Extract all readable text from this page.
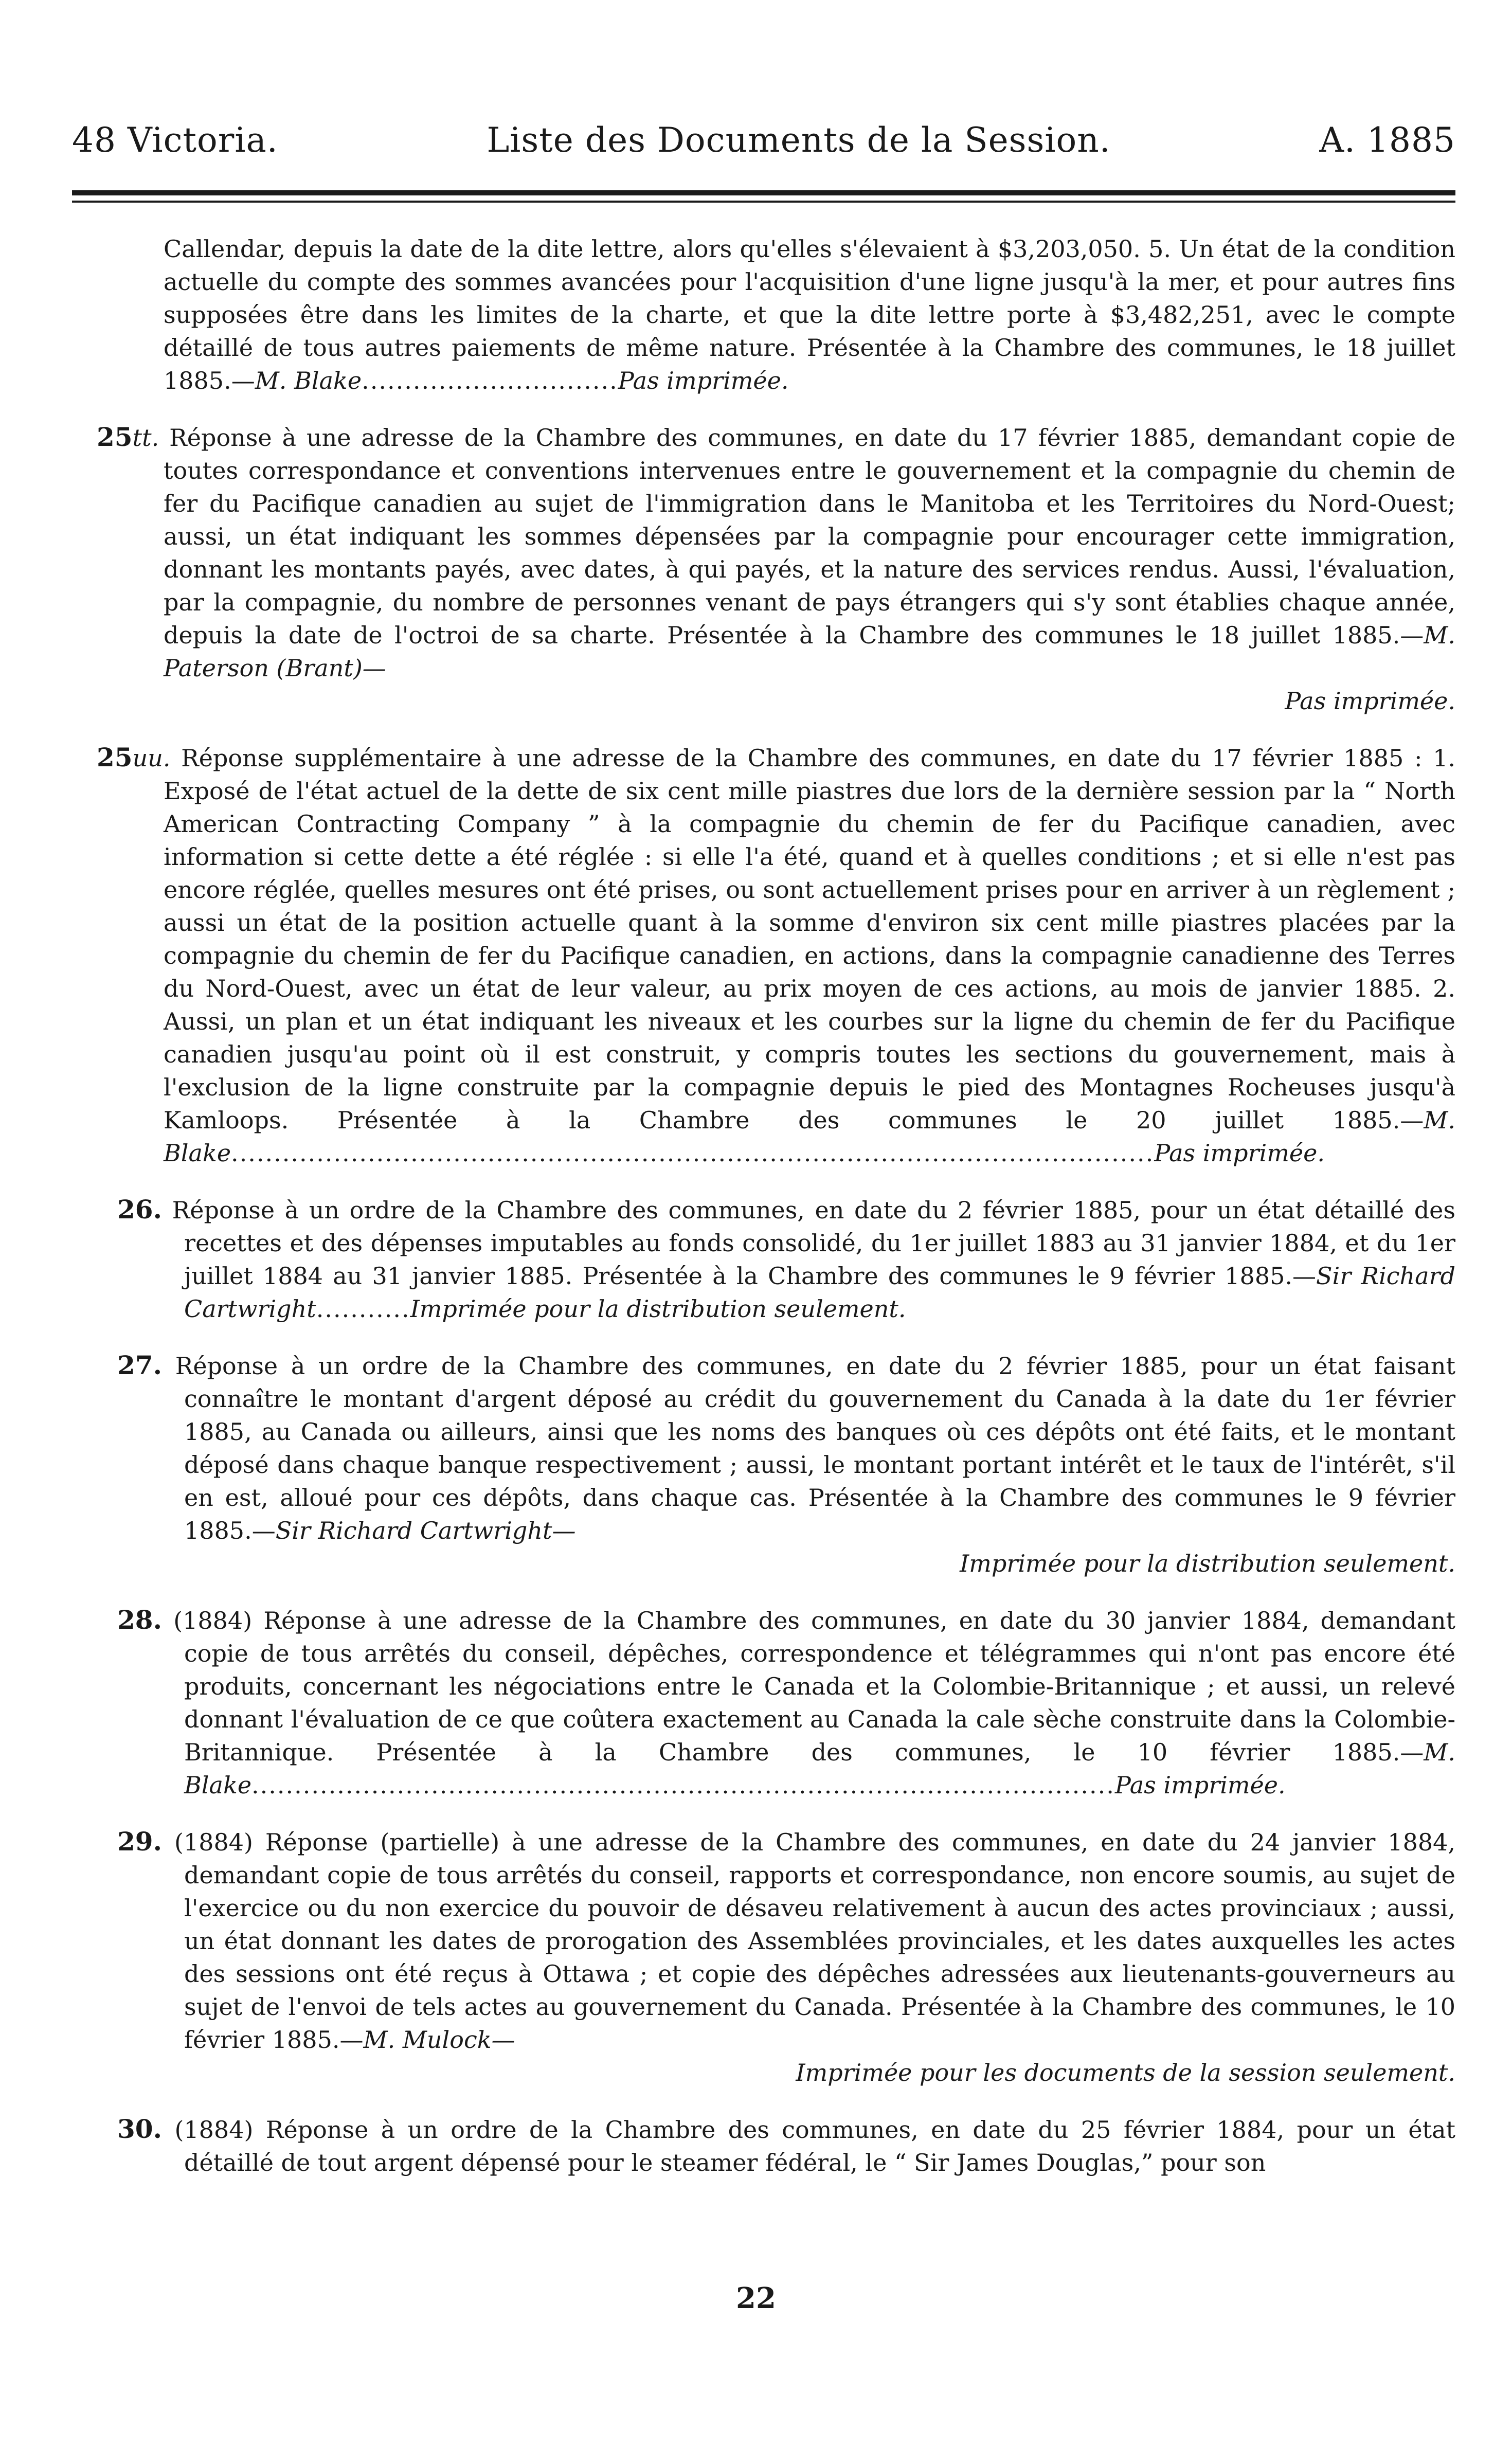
48 Victoria.	Liste des Documents de la Session.	A. 1885
Callendar, depuis la date de la dite lettre, alors qu'elles s'élevaient à $3,203,050. 5. Un état de la condition actuelle du compte des sommes avancées pour l'acquisition d'une ligne jusqu'à la mer, et pour autres fins supposées être dans les limites de la charte, et que la dite lettre porte à $3,482,251, avec le compte détaillé de tous autres paiements de même nature. Présentée à la Chambre des communes, le 18 juillet 1885.—M. Blake..............................Pas imprimée.
25tt. Réponse à une adresse de la Chambre des communes, en date du 17 février 1885, demandant copie de toutes correspondance et conventions intervenues entre le gouvernement et la compagnie du chemin de fer du Pacifique canadien au sujet de l'immigration dans le Manitoba et les Territoires du Nord-Ouest; aussi, un état indiquant les sommes dépensées par la compagnie pour encourager cette immigration, donnant les montants payés, avec dates, à qui payés, et la nature des services rendus. Aussi, l'évaluation, par la compagnie, du nombre de personnes venant de pays étrangers qui s'y sont établies chaque année, depuis la date de l'octroi de sa charte. Présentée à la Chambre des communes le 18 juillet 1885.—M. Paterson (Brant)—
Pas imprimée.
25uu. Réponse supplémentaire à une adresse de la Chambre des communes, en date du 17 février 1885 : 1. Exposé de l'état actuel de la dette de six cent mille piastres due lors de la dernière session par la “ North American Contracting Company ” à la compagnie du chemin de fer du Pacifique canadien, avec information si cette dette a été réglée : si elle l'a été, quand et à quelles conditions ; et si elle n'est pas encore réglée, quelles mesures ont été prises, ou sont actuellement prises pour en arriver à un règlement ; aussi un état de la position actuelle quant à la somme d'environ six cent mille piastres placées par la compagnie du chemin de fer du Pacifique canadien, en actions, dans la compagnie canadienne des Terres du Nord-Ouest, avec un état de leur valeur, au prix moyen de ces actions, au mois de janvier 1885. 2. Aussi, un plan et un état indiquant les niveaux et les courbes sur la ligne du chemin de fer du Pacifique canadien jusqu'au point où il est construit, y compris toutes les sections du gouvernement, mais à l'exclusion de la ligne construite par la compagnie depuis le pied des Montagnes Rocheuses jusqu'à Kamloops. Présentée à la Chambre des communes le 20 juillet 1885.—M. Blake............................................................................................................Pas imprimée.
26. Réponse à un ordre de la Chambre des communes, en date du 2 février 1885, pour un état détaillé des recettes et des dépenses imputables au fonds consolidé, du 1er juillet 1883 au 31 janvier 1884, et du 1er juillet 1884 au 31 janvier 1885. Présentée à la Chambre des communes le 9 février 1885.—Sir Richard Cartwright...........Imprimée pour la distribution seulement.
27. Réponse à un ordre de la Chambre des communes, en date du 2 février 1885, pour un état faisant connaître le montant d'argent déposé au crédit du gouvernement du Canada à la date du 1er février 1885, au Canada ou ailleurs, ainsi que les noms des banques où ces dépôts ont été faits, et le montant déposé dans chaque banque respectivement ; aussi, le montant portant intérêt et le taux de l'intérêt, s'il en est, alloué pour ces dépôts, dans chaque cas. Présentée à la Chambre des communes le 9 février 1885.—Sir Richard Cartwright—
Imprimée pour la distribution seulement.
28. (1884) Réponse à une adresse de la Chambre des communes, en date du 30 janvier 1884, demandant copie de tous arrêtés du conseil, dépêches, correspondence et télégrammes qui n'ont pas encore été produits, concernant les négociations entre le Canada et la Colombie-Britannique ; et aussi, un relevé donnant l'évaluation de ce que coûtera exactement au Canada la cale sèche construite dans la Colombie-Britannique. Présentée à la Chambre des communes, le 10 février 1885.—M. Blake.....................................................................................................Pas imprimée.
29. (1884) Réponse (partielle) à une adresse de la Chambre des communes, en date du 24 janvier 1884, demandant copie de tous arrêtés du conseil, rapports et correspondance, non encore soumis, au sujet de l'exercice ou du non exercice du pouvoir de désaveu relativement à aucun des actes provinciaux ; aussi, un état donnant les dates de prorogation des Assemblées provinciales, et les dates auxquelles les actes des sessions ont été reçus à Ottawa ; et copie des dépêches adressées aux lieutenants-gouverneurs au sujet de l'envoi de tels actes au gouvernement du Canada. Présentée à la Chambre des communes, le 10 février 1885.—M. Mulock—
Imprimée pour les documents de la session seulement.
30. (1884) Réponse à un ordre de la Chambre des communes, en date du 25 février 1884, pour un état détaillé de tout argent dépensé pour le steamer fédéral, le “ Sir James Douglas,” pour son
22
